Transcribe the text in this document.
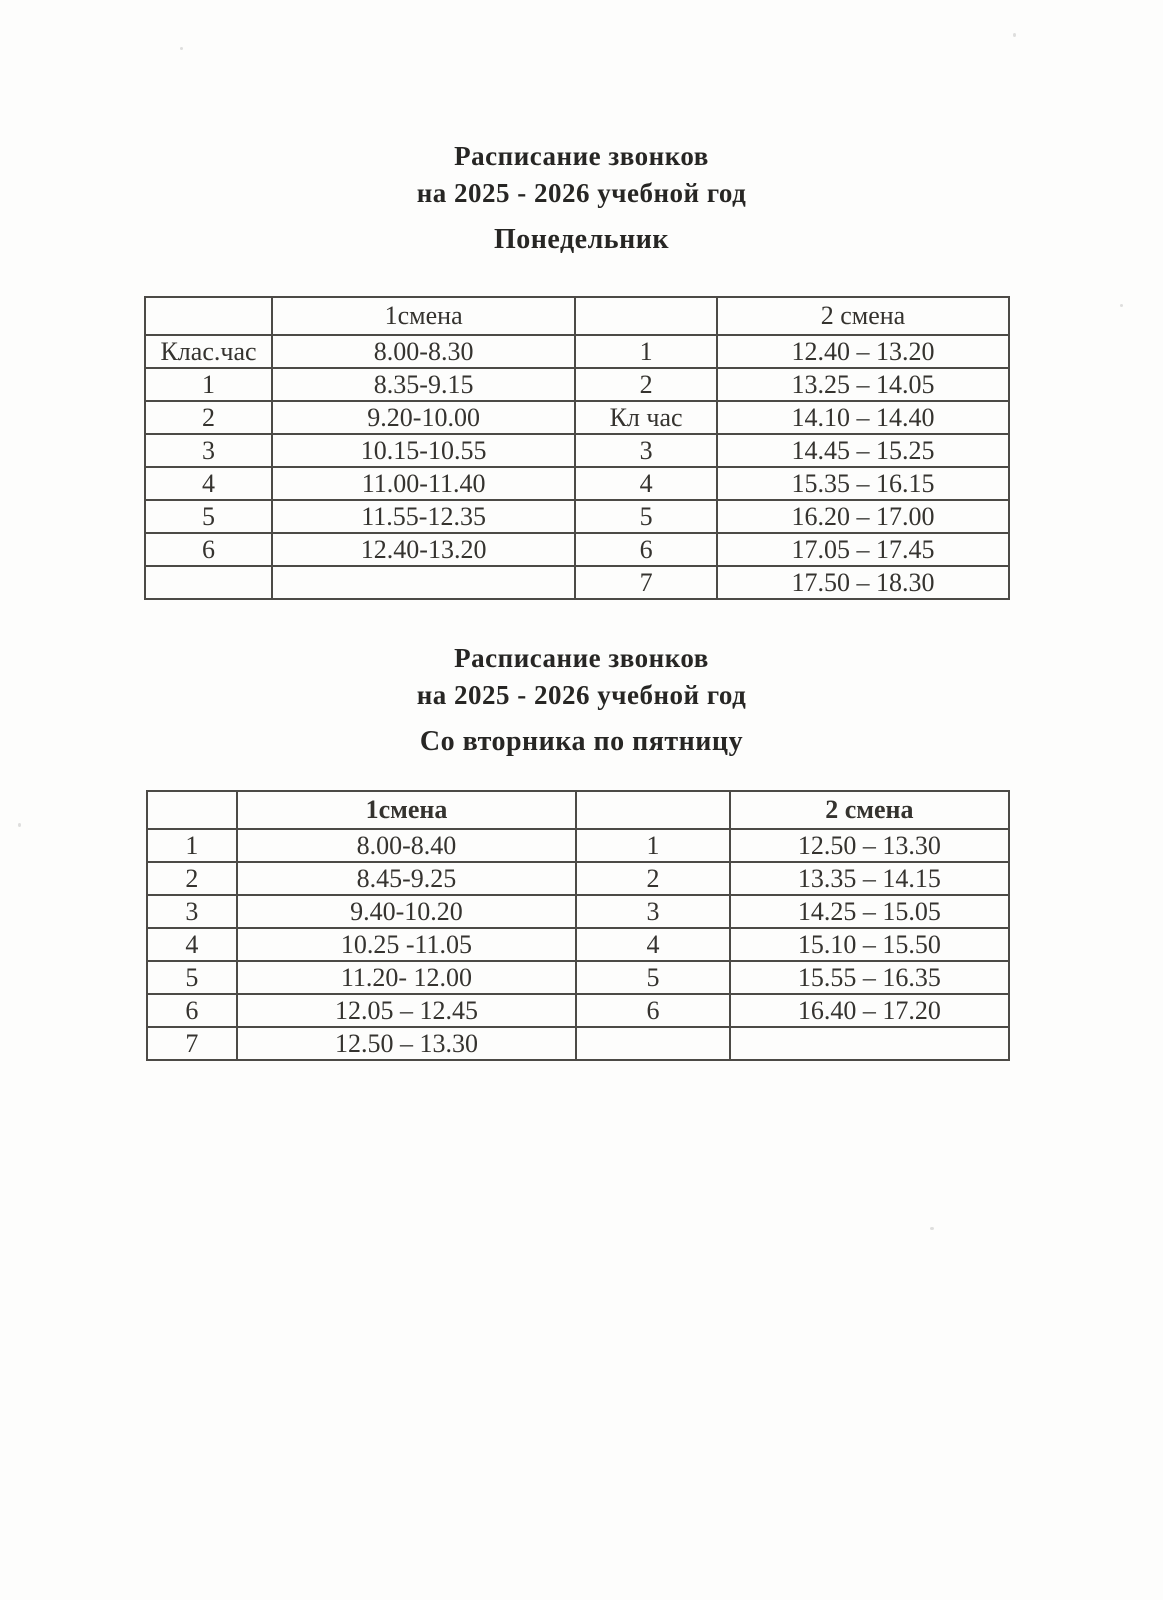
Расписание звонков
на 2025 - 2026 учебной год
Понедельник
	1смена		2 смена
Клас.час	8.00-8.30	1	12.40 – 13.20
1	8.35-9.15	2	13.25 – 14.05
2	9.20-10.00	Кл час	14.10 – 14.40
3	10.15-10.55	3	14.45 – 15.25
4	11.00-11.40	4	15.35 – 16.15
5	11.55-12.35	5	16.20 – 17.00
6	12.40-13.20	6	17.05 – 17.45
		7	17.50 – 18.30
Расписание звонков
на 2025 - 2026 учебной год
Со вторника по пятницу
	1смена		2 смена
1	8.00-8.40	1	12.50 – 13.30
2	8.45-9.25	2	13.35 – 14.15
3	9.40-10.20	3	14.25 – 15.05
4	10.25 -11.05	4	15.10 – 15.50
5	11.20- 12.00	5	15.55 – 16.35
6	12.05 – 12.45	6	16.40 – 17.20
7	12.50 – 13.30		
